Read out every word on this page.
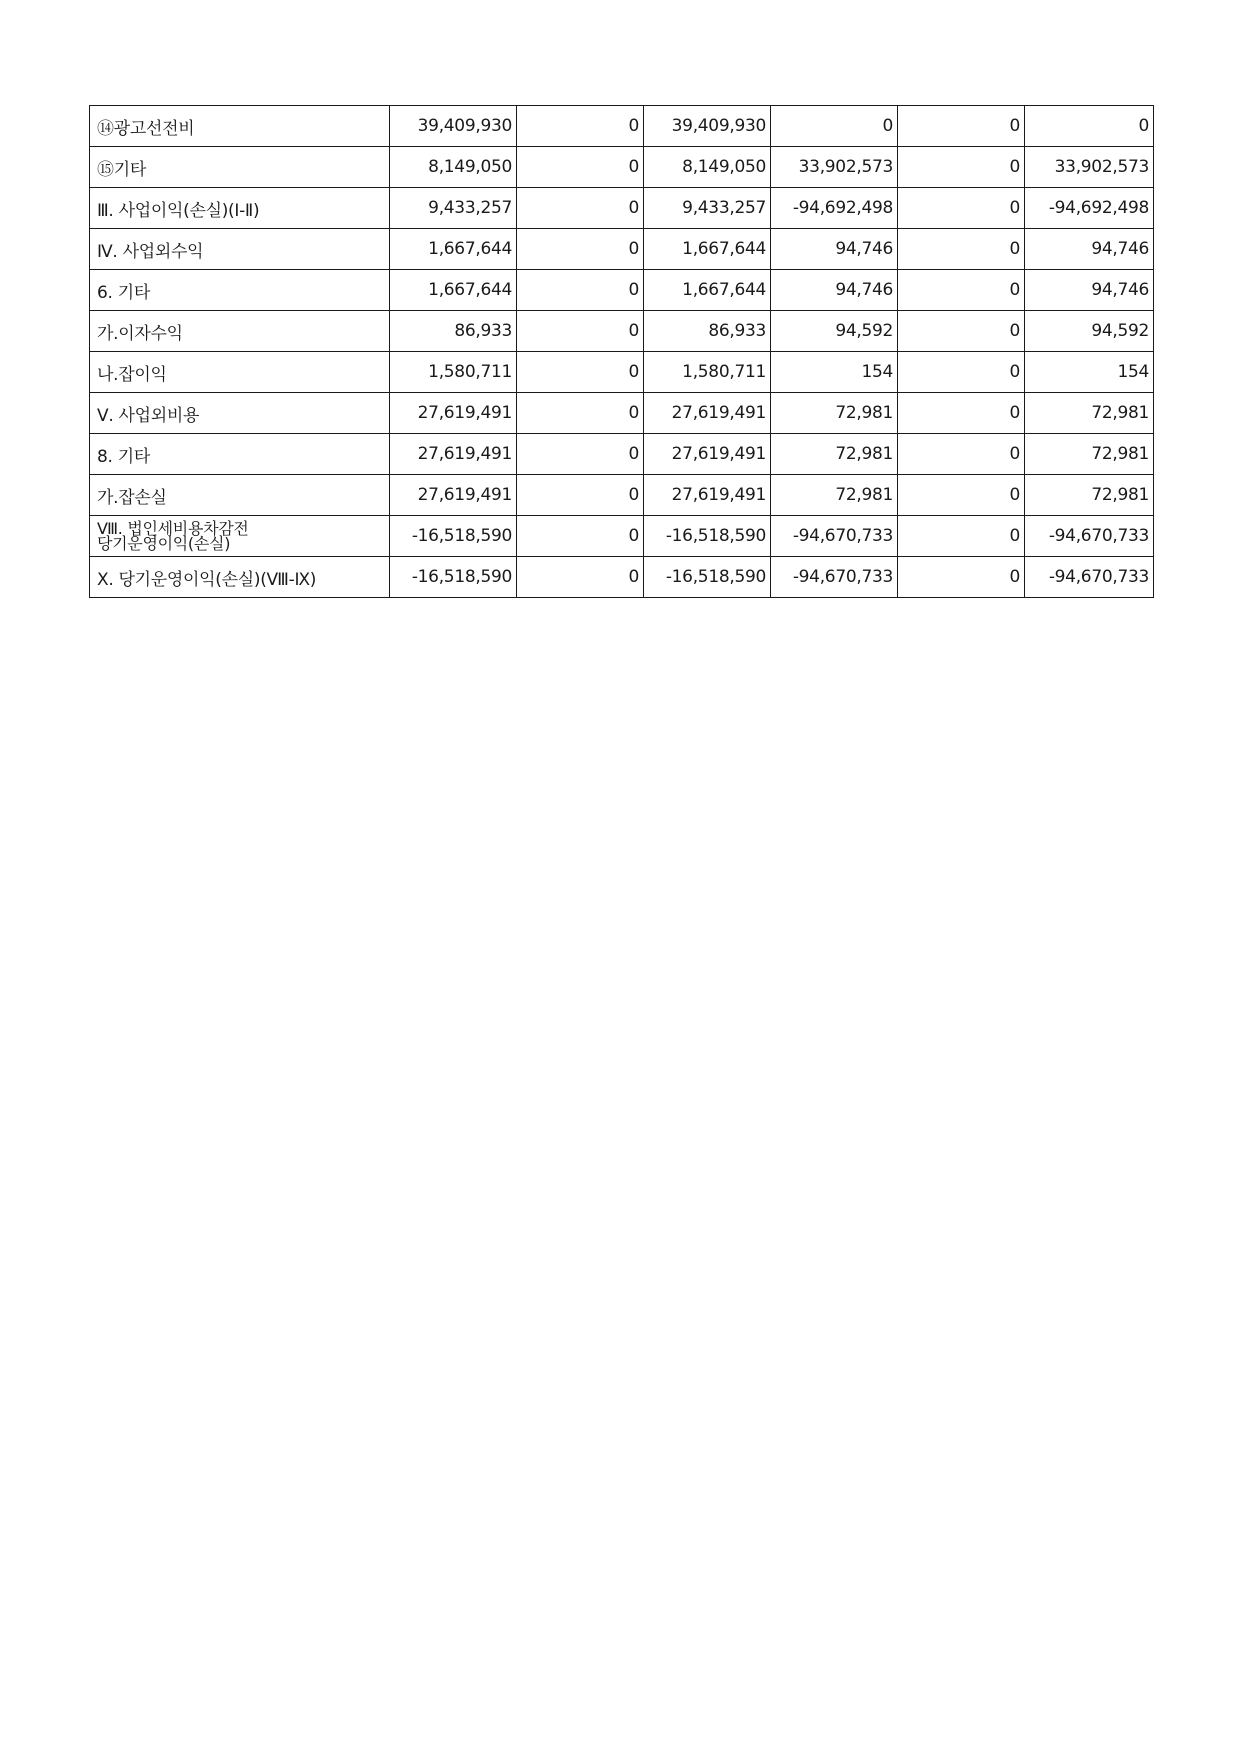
⑭광고선전비	39,409,930	0	39,409,930	0	0	0
⑮기타	8,149,050	0	8,149,050	33,902,573	0	33,902,573
Ⅲ. 사업이익(손실)(Ⅰ-Ⅱ)	9,433,257	0	9,433,257	-94,692,498	0	-94,692,498
Ⅳ. 사업외수익	1,667,644	0	1,667,644	94,746	0	94,746
6. 기타	1,667,644	0	1,667,644	94,746	0	94,746
가.이자수익	86,933	0	86,933	94,592	0	94,592
나.잡이익	1,580,711	0	1,580,711	154	0	154
Ⅴ. 사업외비용	27,619,491	0	27,619,491	72,981	0	72,981
8. 기타	27,619,491	0	27,619,491	72,981	0	72,981
가.잡손실	27,619,491	0	27,619,491	72,981	0	72,981

Ⅷ. 법인세비용차감전
당기운영이익(손실)	-16,518,590	0	-16,518,590	-94,670,733	0	-94,670,733
Ⅹ. 당기운영이익(손실)(Ⅷ-Ⅸ)	-16,518,590	0	-16,518,590	-94,670,733	0	-94,670,733
